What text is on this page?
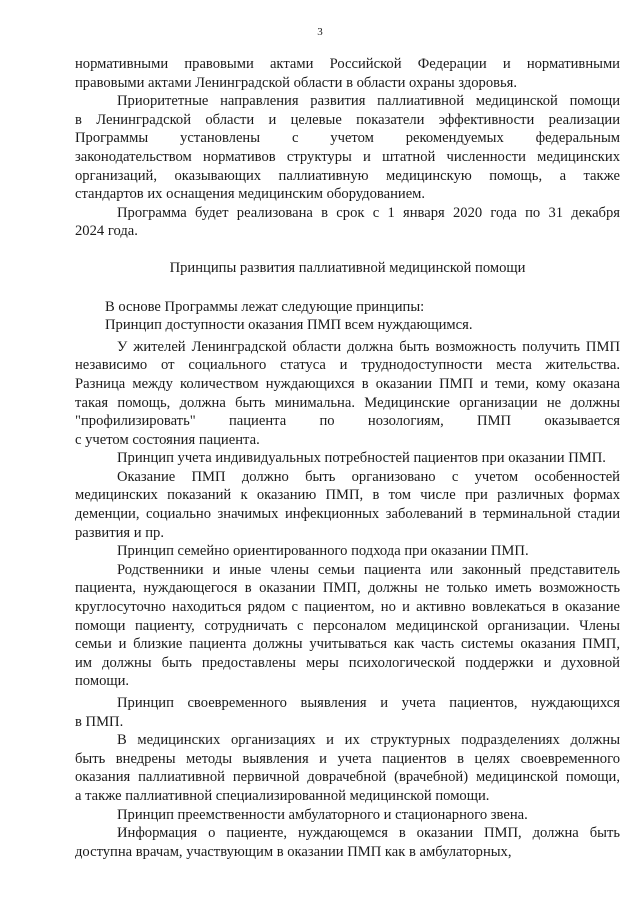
3

нормативными правовыми актами Российской Федерации и нормативными
правовыми актами Ленинградской области в области охраны здоровья.

Приоритетные направления развития паллиативной медицинской помощи
в Ленинградской области и целевые показатели эффективности реализации
Программы установлены с учетом рекомендуемых федеральным
законодательством нормативов структуры и штатной численности медицинских
организаций, оказывающих паллиативную медицинскую помощь, а также
стандартов их оснащения медицинским оборудованием.

Программа будет реализована в срок с 1 января 2020 года по 31 декабря
2024 года.

Принципы развития паллиативной медицинской помощи

В основе Программы лежат следующие принципы:

Принцип доступности оказания ПМП всем нуждающимся.

У жителей Ленинградской области должна быть возможность получить ПМП
независимо от социального статуса и труднодоступности места жительства.
Разница между количеством нуждающихся в оказании ПМП и теми, кому оказана
такая помощь, должна быть минимальна. Медицинские организации не должны
"профилизировать" пациента по нозологиям, ПМП оказывается
с учетом состояния пациента.

Принцип учета индивидуальных потребностей пациентов при оказании ПМП.

Оказание ПМП должно быть организовано с учетом особенностей
медицинских показаний к оказанию ПМП, в том числе при различных формах
деменции, социально значимых инфекционных заболеваний в терминальной стадии
развития и пр.

Принцип семейно ориентированного подхода при оказании ПМП.

Родственники и иные члены семьи пациента или законный представитель
пациента, нуждающегося в оказании ПМП, должны не только иметь возможность
круглосуточно находиться рядом с пациентом, но и активно вовлекаться в оказание
помощи пациенту, сотрудничать с персоналом медицинской организации. Члены
семьи и близкие пациента должны учитываться как часть системы оказания ПМП,
им должны быть предоставлены меры психологической поддержки и духовной
помощи.

Принцип своевременного выявления и учета пациентов, нуждающихся
в ПМП.

В медицинских организациях и их структурных подразделениях должны
быть внедрены методы выявления и учета пациентов в целях своевременного
оказания паллиативной первичной доврачебной (врачебной) медицинской помощи,
а также паллиативной специализированной медицинской помощи.

Принцип преемственности амбулаторного и стационарного звена.

Информация о пациенте, нуждающемся в оказании ПМП, должна быть
доступна врачам, участвующим в оказании ПМП как в амбулаторных,
